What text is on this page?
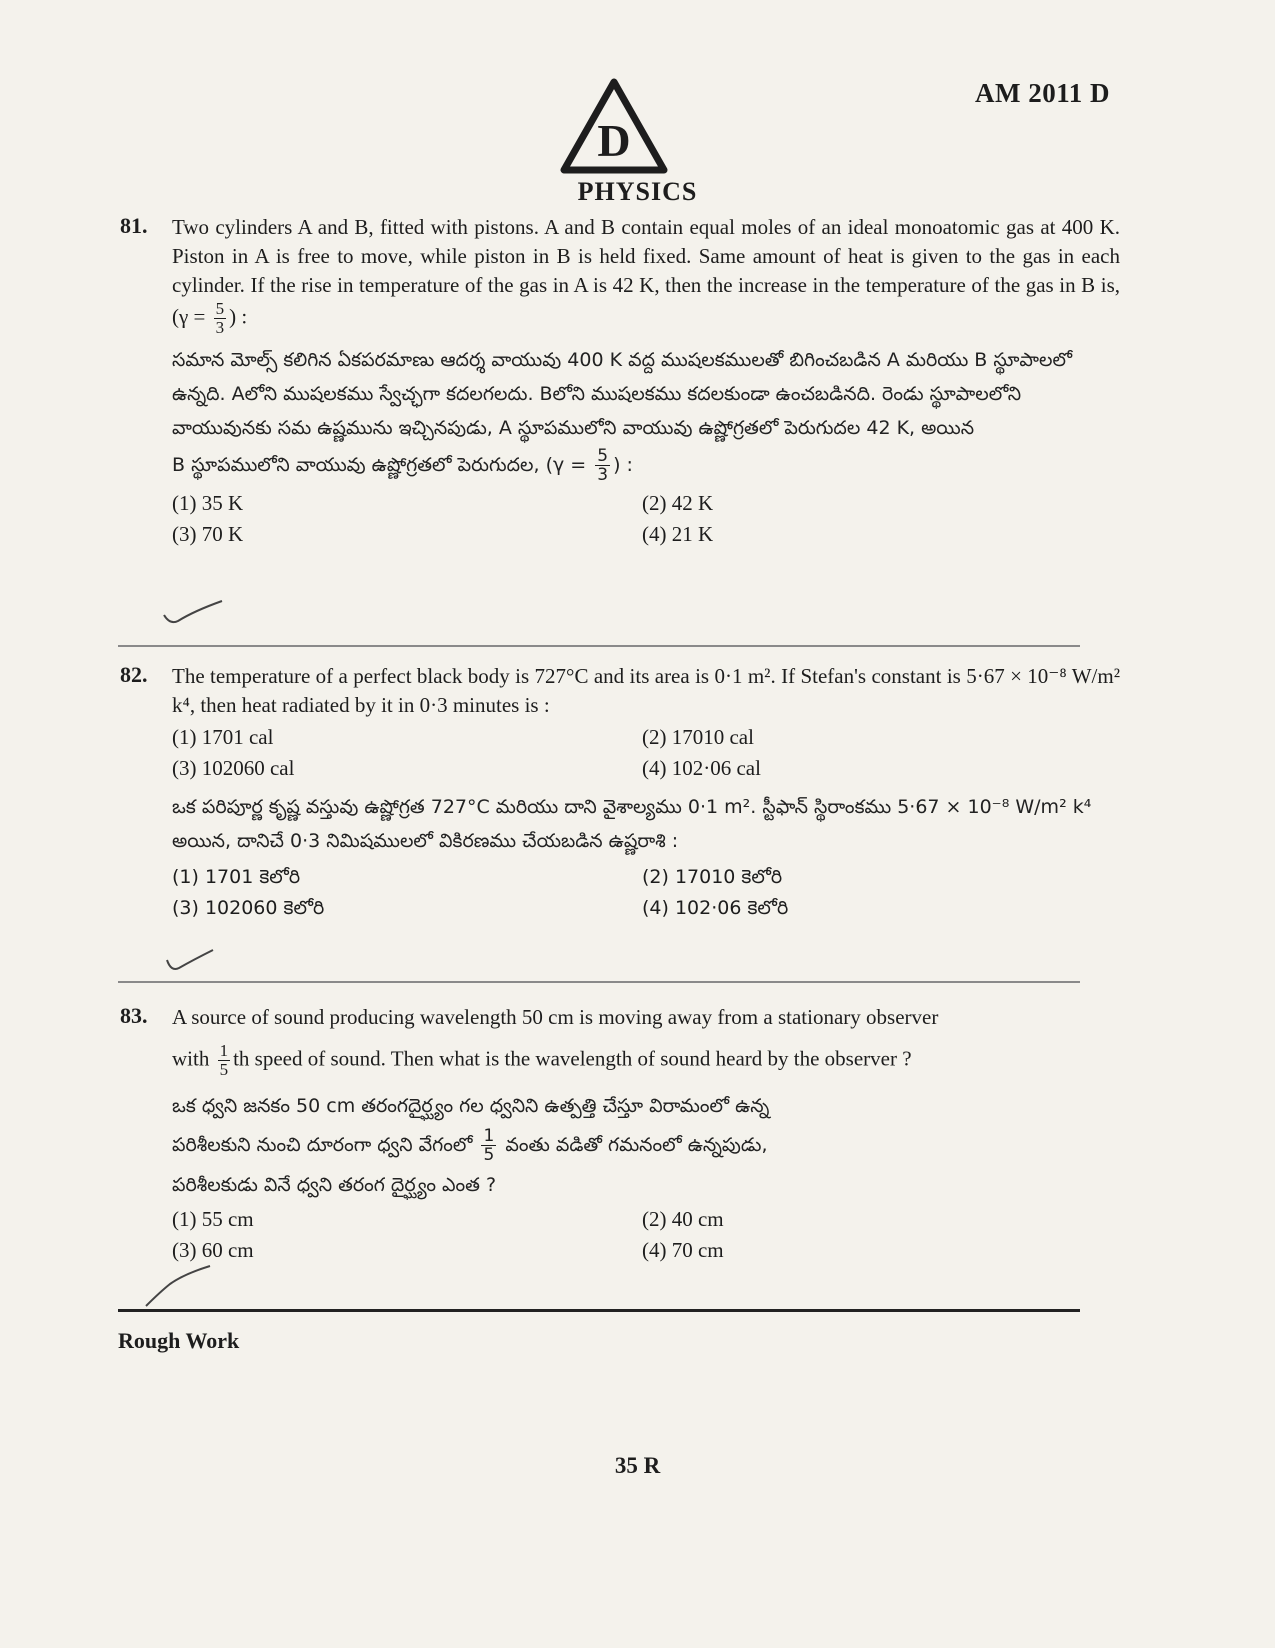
AM 2011 D
D
PHYSICS
81. Two cylinders A and B, fitted with pistons. A and B contain equal moles of an ideal monoatomic gas at 400 K. Piston in A is free to move, while piston in B is held fixed. Same amount of heat is given to the gas in each cylinder. If the rise in temperature of the gas in A is 42 K, then the increase in the temperature of the gas in B is, ($\gamma = \frac{5}{3}$ ) :
సమాన మోల్స్ కలిగిన ఏకపరమాణు ఆదర్శ వాయువు 400 K వద్ద ముషలకములతో బిగించబడిన A మరియు B స్థూపాలలో ఉన్నది. Aలోని ముషలకము స్వేచ్ఛగా కదలగలదు. Bలోని ముషలకము కదలకుండా ఉంచబడినది. రెండు స్థూపాలలోని వాయువునకు సమ ఉష్ణమును ఇచ్చినపుడు, A స్థూపములోని వాయువు ఉష్ణోగ్రతలో పెరుగుదల 42 K, అయిన
B స్థూపములోని వాయువు ఉష్ణోగ్రతలో పెరుగుదల, ($\gamma = \frac{5}{3}$ ) :
(1) 35 K	(2) 42 K
(3) 70 K	(4) 21 K
82. The temperature of a perfect black body is 727°C and its area is 0·1 m². If Stefan's constant is 5·67 × 10⁻⁸ W/m² k⁴, then heat radiated by it in 0·3 minutes is :
(1) 1701 cal	(2) 17010 cal
(3) 102060 cal	(4) 102·06 cal
ఒక పరిపూర్ణ కృష్ణ వస్తువు ఉష్ణోగ్రత 727°C మరియు దాని వైశాల్యము 0·1 m². స్టీఫాన్ స్థిరాంకము 5·67 × 10⁻⁸ W/m² k⁴ అయిన, దానిచే 0·3 నిమిషములలో వికిరణము చేయబడిన ఉష్ణరాశి :
(1) 1701 కెలోరి	(2) 17010 కెలోరి
(3) 102060 కెలోరి	(4) 102·06 కెలోరి
83. A source of sound producing wavelength 50 cm is moving away from a stationary observer
with $\frac{1}{5}$ th speed of sound. Then what is the wavelength of sound heard by the observer ?
ఒక ధ్వని జనకం 50 cm తరంగదైర్ఘ్యం గల ధ్వనిని ఉత్పత్తి చేస్తూ విరామంలో ఉన్న
పరిశీలకుని నుంచి దూరంగా ధ్వని వేగంలో $\frac{1}{5}$ వంతు వడితో గమనంలో ఉన్నపుడు,
పరిశీలకుడు వినే ధ్వని తరంగ దైర్ఘ్యం ఎంత ?
(1) 55 cm	(2) 40 cm
(3) 60 cm	(4) 70 cm
Rough Work
35 R
